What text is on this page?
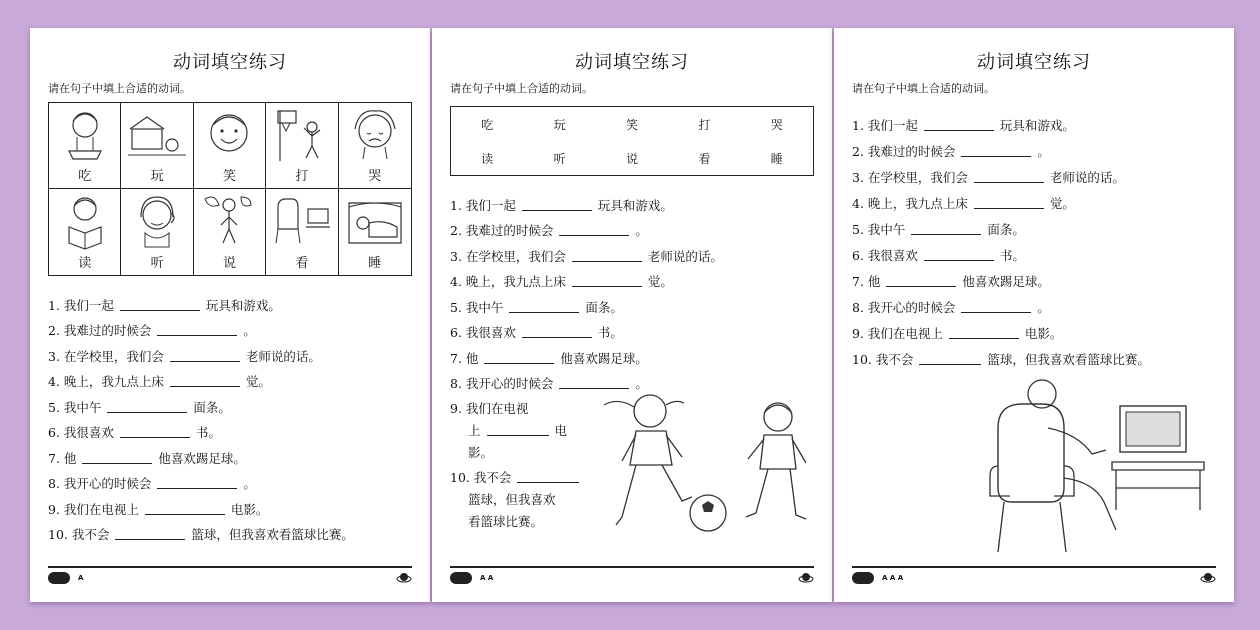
动词填空练习
请在句子中填上合适的动词。
吃	玩	笑	打	哭
读	听	说	看	睡
1. 我们一起	玩具和游戏。
2. 我难过的时候会	。
3. 在学校里，我们会	老师说的话。
4. 晚上，我九点上床	觉。
5. 我中午	面条。
6. 我很喜欢	书。
7. 他	他喜欢踢足球。
8. 我开心的时候会	。
9. 我们在电视上	电影。
10. 我不会	篮球，但我喜欢看篮球比赛。
A
动词填空练习
请在句子中填上合适的动词。
吃	玩	笑	打	哭
读	听	说	看	睡
1. 我们一起	玩具和游戏。
2. 我难过的时候会	。
3. 在学校里，我们会	老师说的话。
4. 晚上，我九点上床	觉。
5. 我中午	面条。
6. 我很喜欢	书。
7. 他	他喜欢踢足球。
8. 我开心的时候会	。
9. 我们在电视
上	电
影。
10. 我不会
篮球，但我喜欢
看篮球比赛。
A A
动词填空练习
请在句子中填上合适的动词。
1. 我们一起	玩具和游戏。
2. 我难过的时候会	。
3. 在学校里，我们会	老师说的话。
4. 晚上，我九点上床	觉。
5. 我中午	面条。
6. 我很喜欢	书。
7. 他	他喜欢踢足球。
8. 我开心的时候会	。
9. 我们在电视上	电影。
10. 我不会	篮球，但我喜欢看篮球比赛。
A A A
